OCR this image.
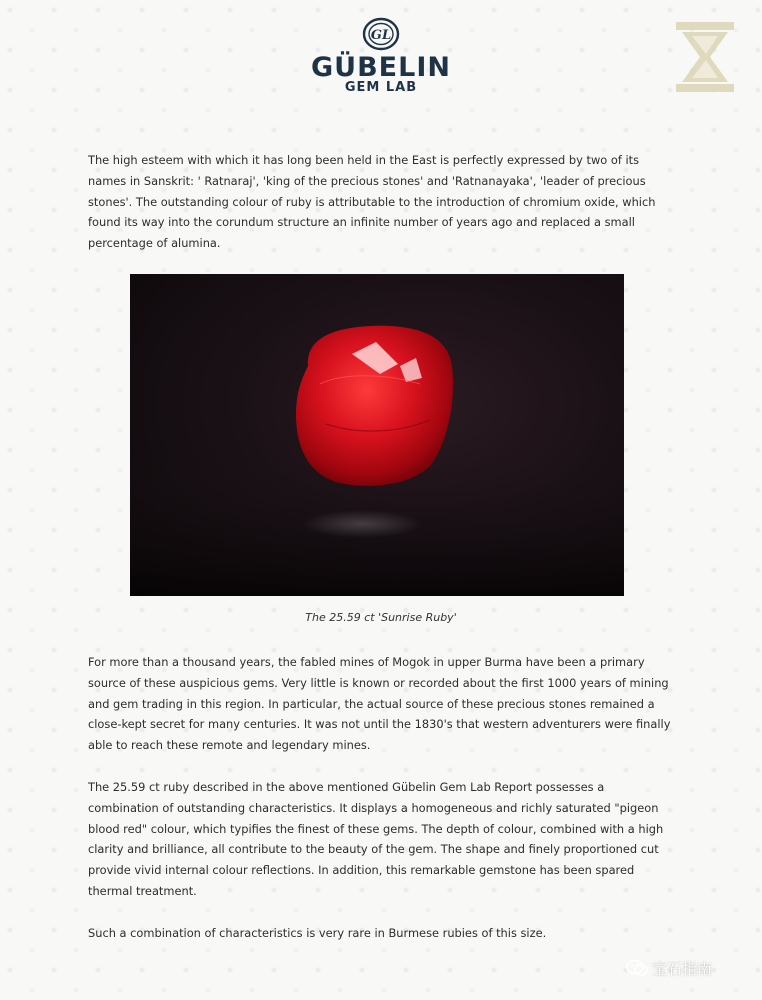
GL
GÜBELIN
GEM LAB

The high esteem with which it has long been held in the East is perfectly expressed by two of its names in Sanskrit: ' Ratnaraj', 'king of the precious stones' and 'Ratnanayaka', 'leader of precious stones'. The outstanding colour of ruby is attributable to the introduction of chromium oxide, which found its way into the corundum structure an infinite number of years ago and replaced a small percentage of alumina.

The 25.59 ct 'Sunrise Ruby'

For more than a thousand years, the fabled mines of Mogok in upper Burma have been a primary source of these auspicious gems. Very little is known or recorded about the first 1000 years of mining and gem trading in this region. In particular, the actual source of these precious stones remained a close-kept secret for many centuries. It was not until the 1830's that western adventurers were finally able to reach these remote and legendary mines.

The 25.59 ct ruby described in the above mentioned Gübelin Gem Lab Report possesses a combination of outstanding characteristics. It displays a homogeneous and richly saturated "pigeon blood red" colour, which typifies the finest of these gems. The depth of colour, combined with a high clarity and brilliance, all contribute to the beauty of the gem. The shape and finely proportioned cut provide vivid internal colour reflections. In addition, this remarkable gemstone has been spared thermal treatment.

Such a combination of characteristics is very rare in Burmese rubies of this size.

宝石指南
